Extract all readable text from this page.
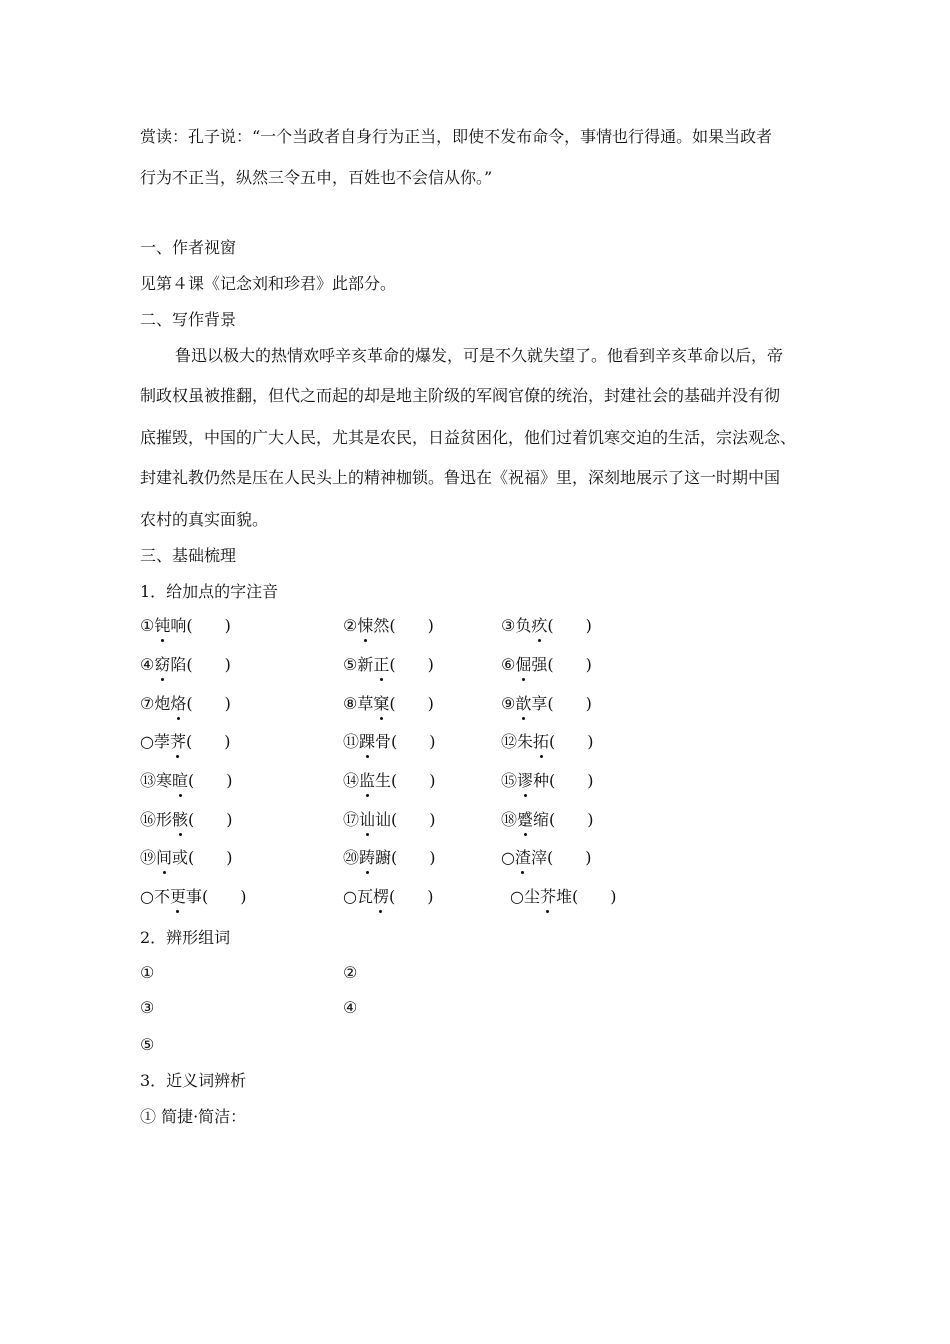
赏读：孔子说：“一个当政者自身行为正当，即使不发布命令，事情也行得通。如果当政者
行为不正当，纵然三令五申，百姓也不会信从你。”
一、作者视窗
见第４课《记念刘和珍君》此部分。
二、写作背景
鲁迅以极大的热情欢呼辛亥革命的爆发，可是不久就失望了。他看到辛亥革命以后，帝
制政权虽被推翻，但代之而起的却是地主阶级的军阀官僚的统治，封建社会的基础并没有彻
底摧毁，中国的广大人民，尤其是农民，日益贫困化，他们过着饥寒交迫的生活，宗法观念、
封建礼教仍然是压在人民头上的精神枷锁。鲁迅在《祝福》里，深刻地展示了这一时期中国
农村的真实面貌。
三、基础梳理
1．给加点的字注音
①钝响(　　)	②悚然(　　)	③负疚(　　)
④窈陷(　　)	⑤新正(　　)	⑥倔强(　　)
⑦炮烙(　　)	⑧草窠(　　)	⑨歆享(　　)
○荸荠(　　)	⑪踝骨(　　)	⑫朱拓(　　)
⑬寒暄(　　)	⑭监生(　　)	⑮谬种(　　)
⑯形骸(　　)	⑰讪讪(　　)	⑱蹙缩(　　)
⑲间或(　　)	⑳踌躕(　　)	○渣滓(　　)
○不更事(　　)	○瓦楞(　　)	○尘芥堆(　　)
2．辨形组词
①	②
③	④
⑤
3．近义词辨析
① 简捷·简洁：
